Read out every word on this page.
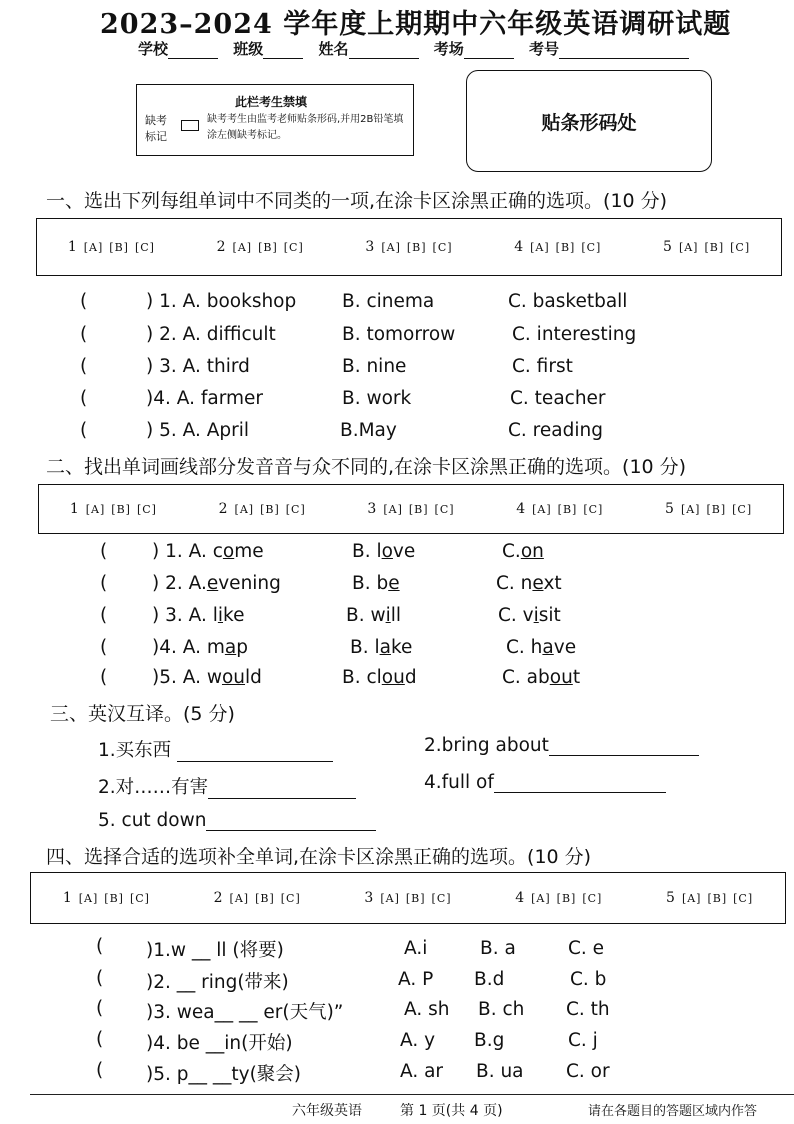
2023–2024 学年度上期期中六年级英语调研试题
学校	班级	姓名	考场	考号
此栏考生禁填
缺考标记
缺考考生由监考老师贴条形码,并用2B铅笔填涂左侧缺考标记。
贴条形码处
一、选出下列每组单词中不同类的一项,在涂卡区涂黑正确的选项。(10 分)
1 [A] [B] [C]	2 [A] [B] [C]	3 [A] [B] [C]	4 [A] [B] [C]	5 [A] [B] [C]
(	) 1. A. bookshop B. cinema	C. basketball
(	) 2. A. difficult	B. tomorrow	C. interesting
(	) 3. A. third	B. nine	C. first
(	)4. A. farmer	B. work	C. teacher
(	) 5. A. April	B.May	C. reading
二、找出单词画线部分发音音与众不同的,在涂卡区涂黑正确的选项。(10 分)
1 [A] [B] [C]	2 [A] [B] [C]	3 [A] [B] [C]	4 [A] [B] [C]	5 [A] [B] [C]
( ) 1. A. come	B. love	C.on
( ) 2. A.evening	B. be	C. next
( ) 3. A. like	B. will	C. visit
( )4. A. map	B. lake	C. have
( )5. A. would	B. cloud	C. about
三、英汉互译。(5 分)
1.买东西	2.bring about
2.对……有害	4.full of
5. cut down
四、选择合适的选项补全单词,在涂卡区涂黑正确的选项。(10 分)
1 [A] [B] [C]	2 [A] [B] [C]	3 [A] [B] [C]	4 [A] [B] [C]	5 [A] [B] [C]
( )1.w __ ll (将要)	A.i	B. a	C. e
( )2. __ ring(带来)	A. P B.d	C. b
( )3. wea__ __ er(天气)”	A. sh B. ch C. th
( )4. be __in(开始)	A. y B.g	C. j
( )5. p__ __ty(聚会)	A. ar B. ua C. or
六年级英语	第 1 页(共 4 页)	请在各题目的答题区域内作答
